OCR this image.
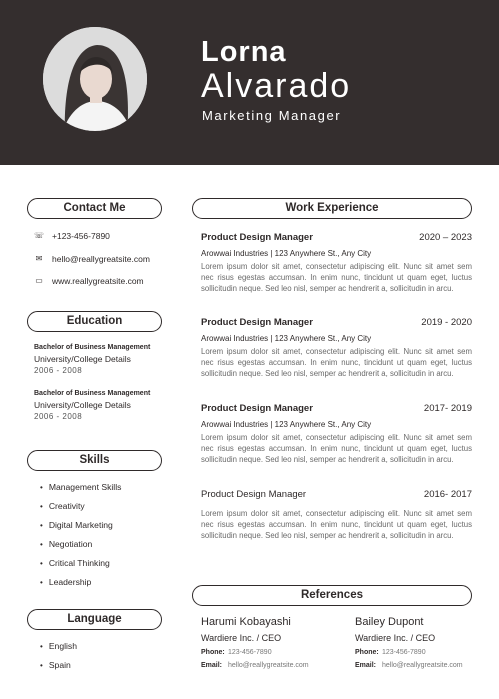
Lorna
Alvarado
Marketing Manager
Contact Me
☏ +123-456-7890
✉ hello@reallygreatsite.com
▭ www.reallygreatsite.com
Education
Bachelor of Business Management
University/College Details
2006 - 2008
Bachelor of Business Management
University/College Details
2006 - 2008
Skills
• Management Skills
• Creativity
• Digital Marketing
• Negotiation
• Critical Thinking
• Leadership
Language
• English
• Spain
Work Experience
Product Design Manager	2020 – 2023
Arowwai Industries | 123 Anywhere St., Any City
Lorem ipsum dolor sit amet, consectetur adipiscing elit. Nunc sit amet sem nec risus egestas accumsan. In enim nunc, tincidunt ut quam eget, luctus sollicitudin neque. Sed leo nisl, semper ac hendrerit a, sollicitudin in arcu.
Product Design Manager	2019 - 2020
Arowwai Industries | 123 Anywhere St., Any City
Lorem ipsum dolor sit amet, consectetur adipiscing elit. Nunc sit amet sem nec risus egestas accumsan. In enim nunc, tincidunt ut quam eget, luctus sollicitudin neque. Sed leo nisl, semper ac hendrerit a, sollicitudin in arcu.
Product Design Manager	2017- 2019
Arowwai Industries | 123 Anywhere St., Any City
Lorem ipsum dolor sit amet, consectetur adipiscing elit. Nunc sit amet sem nec risus egestas accumsan. In enim nunc, tincidunt ut quam eget, luctus sollicitudin neque. Sed leo nisl, semper ac hendrerit a, sollicitudin in arcu.
Product Design Manager	2016- 2017
Lorem ipsum dolor sit amet, consectetur adipiscing elit. Nunc sit amet sem nec risus egestas accumsan. In enim nunc, tincidunt ut quam eget, luctus sollicitudin neque. Sed leo nisl, semper ac hendrerit a, sollicitudin in arcu.
References
Harumi Kobayashi
Wardiere Inc. / CEO
Phone: 123-456-7890
Email: hello@reallygreatsite.com
Bailey Dupont
Wardiere Inc. / CEO
Phone: 123-456-7890
Email: hello@reallygreatsite.com
